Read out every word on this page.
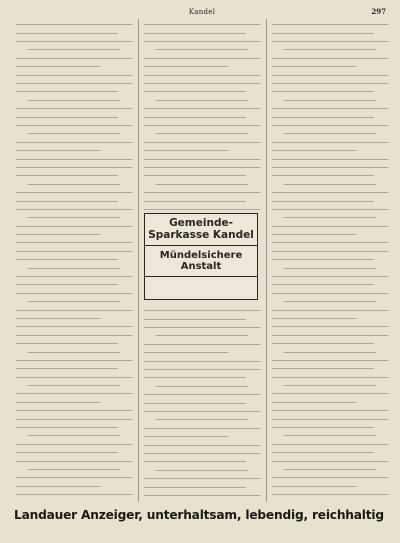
Kandel	297
Gemeinde-Sparkasse Kandel
Mündelsichere Anstalt
Landauer Anzeiger, unterhaltsam, lebendig, reichhaltig
